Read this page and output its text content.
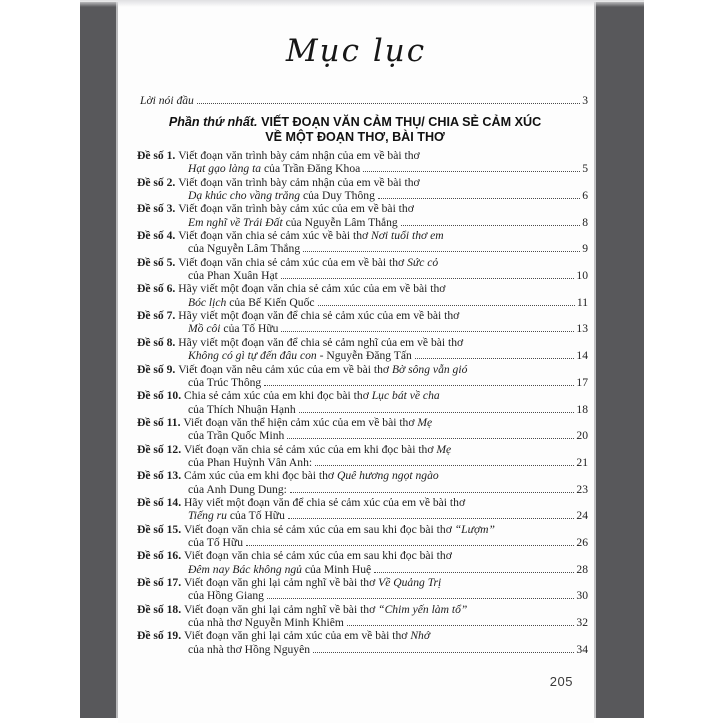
Mục lục
Lời nói đầu	3
Phần thứ nhất. VIẾT ĐOẠN VĂN CẢM THỤ/ CHIA SẺ CẢM XÚC
VỀ MỘT ĐOẠN THƠ, BÀI THƠ
Đề số 1. Viết đoạn văn trình bày cảm nhận của em về bài thơ
Hạt gạo làng ta của Trần Đăng Khoa	5
Đề số 2. Viết đoạn văn trình bày cảm nhận của em về bài thơ
Dạ khúc cho vầng trăng của Duy Thông	6
Đề số 3. Viết đoạn văn trình bày cảm xúc của em về bài thơ
Em nghĩ về Trái Đất của Nguyễn Lâm Thắng	8
Đề số 4. Viết đoạn văn chia sẻ cảm xúc về bài thơ Nơi tuổi thơ em
của Nguyễn Lâm Thắng	9
Đề số 5. Viết đoạn văn chia sẻ cảm xúc của em về bài thơ Sức cỏ
của Phan Xuân Hạt	10
Đề số 6. Hãy viết một đoạn văn chia sẻ cảm xúc của em về bài thơ
Bóc lịch của Bế Kiến Quốc	11
Đề số 7. Hãy viết một đoạn văn để chia sẻ cảm xúc của em về bài thơ
Mồ côi của Tố Hữu	13
Đề số 8. Hãy viết một đoạn văn để chia sẻ cảm nghĩ của em về bài thơ
Không có gì tự đến đâu con - Nguyễn Đăng Tấn	14
Đề số 9. Viết đoạn văn nêu cảm xúc của em về bài thơ Bờ sông vẫn gió
của Trúc Thông	17
Đề số 10. Chia sẻ cảm xúc của em khi đọc bài thơ Lục bát về cha
của Thích Nhuận Hạnh	18
Đề số 11. Viết đoạn văn thể hiện cảm xúc của em về bài thơ Mẹ
của Trần Quốc Minh	20
Đề số 12. Viết đoạn văn chia sẻ cảm xúc của em khi đọc bài thơ Mẹ
của Phan Huỳnh Vân Anh:	21
Đề số 13. Cảm xúc của em khi đọc bài thơ Quê hương ngọt ngào
của Anh Dung Dung:	23
Đề số 14. Hãy viết một đoạn văn để chia sẻ cảm xúc của em về bài thơ
Tiếng ru của Tố Hữu	24
Đề số 15. Viết đoạn văn chia sẻ cảm xúc của em sau khi đọc bài thơ “Lượm”
của Tố Hữu	26
Đề số 16. Viết đoạn văn chia sẻ cảm xúc của em sau khi đọc bài thơ
Đêm nay Bác không ngủ của Minh Huệ	28
Đề số 17. Viết đoạn văn ghi lại cảm nghĩ về bài thơ Về Quảng Trị
của Hồng Giang	30
Đề số 18. Viết đoạn văn ghi lại cảm nghĩ về bài thơ “Chim yến làm tổ”
của nhà thơ Nguyễn Minh Khiêm	32
Đề số 19. Viết đoạn văn ghi lại cảm xúc của em về bài thơ Nhớ
của nhà thơ Hồng Nguyên	34
205
